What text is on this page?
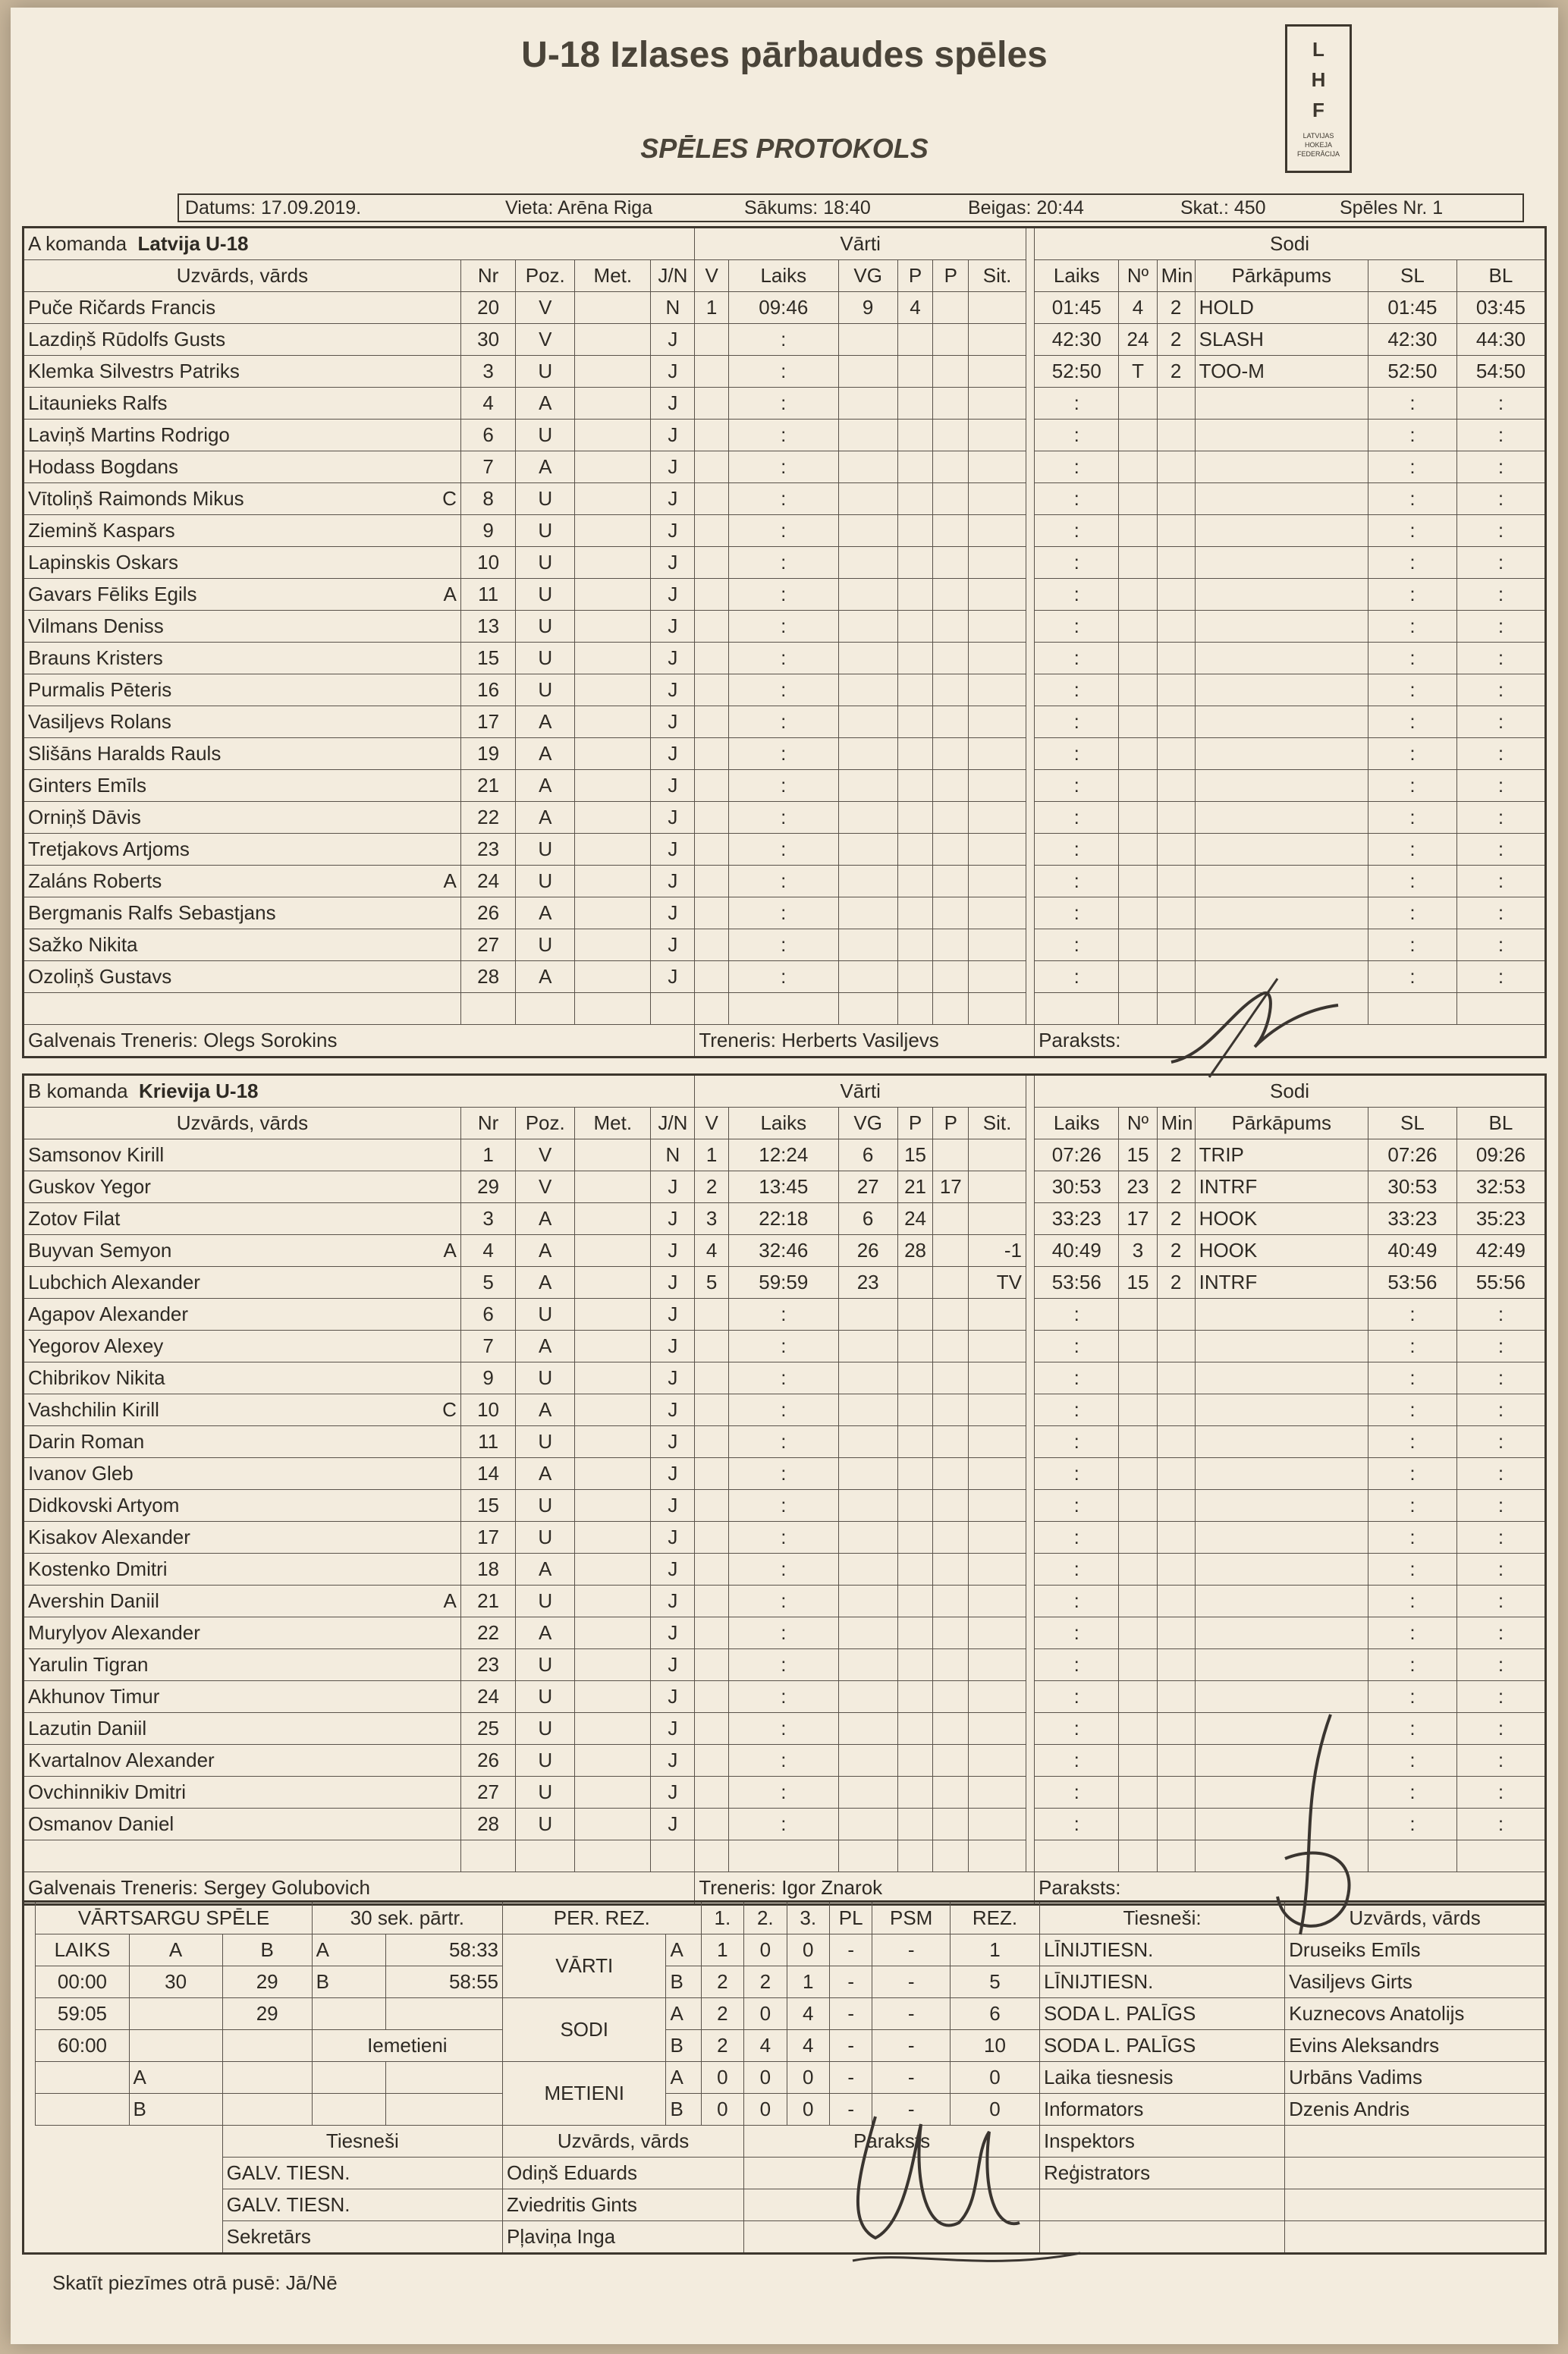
U-18 Izlases pārbaudes spēles
SPĒLES PROTOKOLS
L
H
F
LATVIJAS HOKEJA FEDERĀCIJA
Datums: 17.09.2019.	Vieta: Arēna Riga	Sākums: 18:40	Beigas: 20:44	Skat.: 450	Spēles Nr. 1
A komanda Latvija U-18					Vārti							Sodi					
Uzvārds, vārds	Nr	Poz.	Met.	J/N	V	Laiks	VG	P	P	Sit.		Laiks	Nº	Min	Pārkāpums	SL	BL

Puče Ričards Francis	20	V		N	1	09:46	9	4				01:45	4	2	HOLD	01:45	03:45

Lazdiņš Rūdolfs Gusts	30	V		J		:						42:30	24	2	SLASH	42:30	44:30

Klemka Silvestrs Patriks	3	U		J		:						52:50	T	2	TOO-M	52:50	54:50

Litaunieks Ralfs	4	A		J		:						:				:	:

Laviņš Martins Rodrigo	6	U		J		:						:				:	:

Hodass Bogdans	7	A		J		:						:				:	:

Vītoliņš Raimonds Mikus C	8	U		J		:						:				:	:

Zieminš Kaspars	9	U		J		:						:				:	:

Lapinskis Oskars	10	U		J		:						:				:	:

Gavars Fēliks Egils A	11	U		J		:						:				:	:

Vilmans Deniss	13	U		J		:						:				:	:

Brauns Kristers	15	U		J		:						:				:	:

Purmalis Pēteris	16	U		J		:						:				:	:

Vasiljevs Rolans	17	A		J		:						:				:	:

Slišāns Haralds Rauls	19	A		J		:						:				:	:

Ginters Emīls	21	A		J		:						:				:	:

Orniņš Dāvis	22	A		J		:						:				:	:

Tretjakovs Artjoms	23	U		J		:						:				:	:

Zaláns Roberts A	24	U		J		:						:				:	:

Bergmanis Ralfs Sebastjans	26	A		J		:						:				:	:

Sažko Nikita	27	U		J		:						:				:	:

Ozoliņš Gustavs	28	A		J		:						:				:	:

Galvenais Treneris: Olegs Sorokins					Treneris: Herberts Vasiljevs							Paraksts:					
B komanda Krievija U-18					Vārti							Sodi					
Uzvārds, vārds	Nr	Poz.	Met.	J/N	V	Laiks	VG	P	P	Sit.		Laiks	Nº	Min	Pārkāpums	SL	BL

Samsonov Kirill	1	V		N	1	12:24	6	15				07:26	15	2	TRIP	07:26	09:26

Guskov Yegor	29	V		J	2	13:45	27	21	17			30:53	23	2	INTRF	30:53	32:53

Zotov Filat	3	A		J	3	22:18	6	24				33:23	17	2	HOOK	33:23	35:23

Buyvan Semyon A	4	A		J	4	32:46	26	28		-1		40:49	3	2	HOOK	40:49	42:49

Lubchich Alexander	5	A		J	5	59:59	23			TV		53:56	15	2	INTRF	53:56	55:56

Agapov Alexander	6	U		J		:						:				:	:

Yegorov Alexey	7	A		J		:						:				:	:

Chibrikov Nikita	9	U		J		:						:				:	:

Vashchilin Kirill C	10	A		J		:						:				:	:

Darin Roman	11	U		J		:						:				:	:

Ivanov Gleb	14	A		J		:						:				:	:

Didkovski Artyom	15	U		J		:						:				:	:

Kisakov Alexander	17	U		J		:						:				:	:

Kostenko Dmitri	18	A		J		:						:				:	:

Avershin Daniil A	21	U		J		:						:				:	:

Murylyov Alexander	22	A		J		:						:				:	:

Yarulin Tigran	23	U		J		:						:				:	:

Akhunov Timur	24	U		J		:						:				:	:

Lazutin Daniil	25	U		J		:						:				:	:

Kvartalnov Alexander	26	U		J		:						:				:	:

Ovchinnikiv Dmitri	27	U		J		:						:				:	:

Osmanov Daniel	28	U		J		:						:				:	:

Galvenais Treneris: Sergey Golubovich					Treneris: Igor Znarok							Paraksts:					
	VĀRTSARGU SPĒLE			30 sek. pārtr.		PER. REZ.		1.	2.	3.	PL	PSM	REZ.	Tiesneši:	Uzvārds, vārds
	LAIKS	A	B	A	58:33	VĀRTI	A	1	0	0	-	-	1	LĪNIJTIESN.	Druseiks Emīls
	00:00	30	29	B	58:55		B	2	2	1	-	-	5	LĪNIJTIESN.	Vasiljevs Girts
	59:05		29			SODI	A	2	0	4	-	-	6	SODA L. PALĪGS	Kuznecovs Anatolijs
	60:00			Iemetieni			B	2	4	4	-	-	10	SODA L. PALĪGS	Evins Aleksandrs
		A				METIENI	A	0	0	0	-	-	0	Laika tiesnesis	Urbāns Vadims
		B					B	0	0	0	-	-	0	Informators	Dzenis Andris
			Tiesneši			Uzvārds, vārds			Paraksts					Inspektors	
			GALV. TIESN.			Odiņš Eduards								Reģistrators	
			GALV. TIESN.			Zviedritis Gints									
			Sekretārs			Pļaviņa Inga									
Skatīt piezīmes otrā pusē: Jā/Nē
